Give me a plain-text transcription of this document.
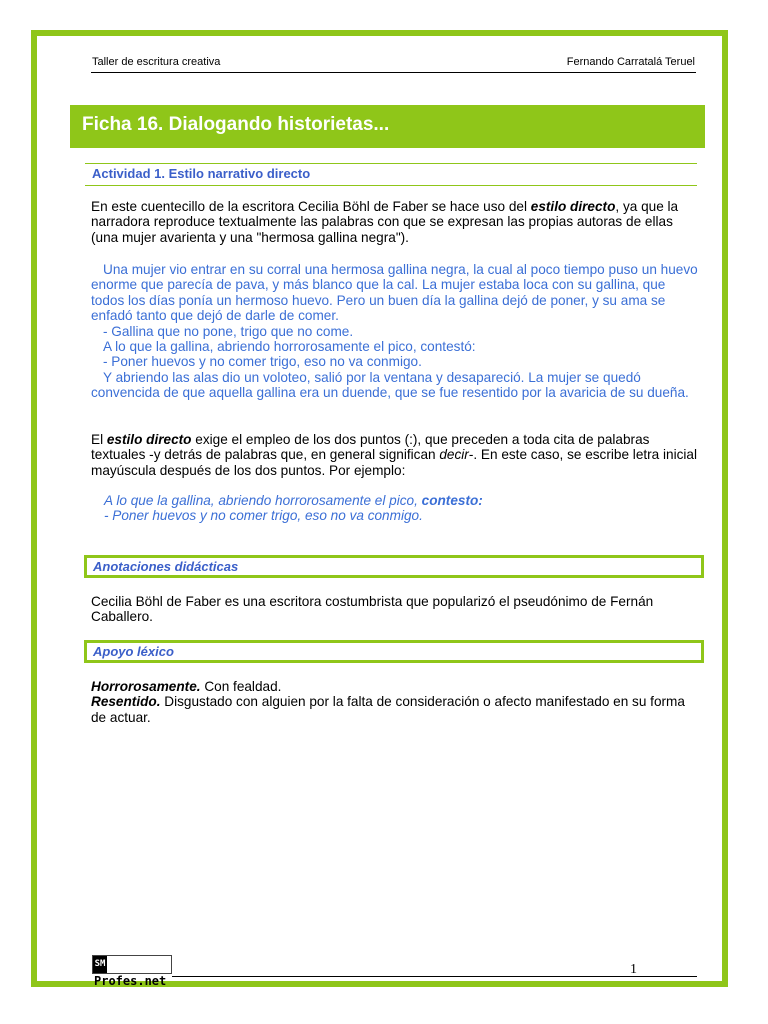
Taller de escritura creativa	Fernando Carratalá Teruel
Ficha 16. Dialogando historietas...
Actividad 1. Estilo narrativo directo

En este cuentecillo de la escritora Cecilia Böhl de Faber se hace uso del estilo directo, ya que la narradora reproduce textualmente las palabras con que se expresan las propias autoras de ellas (una mujer avarienta y una "hermosa gallina negra").

Una mujer vio entrar en su corral una hermosa gallina negra, la cual al poco tiempo puso un huevo enorme que parecía de pava, y más blanco que la cal. La mujer estaba loca con su gallina, que todos los días ponía un hermoso huevo. Pero un buen día la gallina dejó de poner, y su ama se enfadó tanto que dejó de darle de comer.
- Gallina que no pone, trigo que no come.
A lo que la gallina, abriendo horrorosamente el pico, contestó:
- Poner huevos y no comer trigo, eso no va conmigo.
Y abriendo las alas dio un voloteo, salió por la ventana y desapareció. La mujer se quedó convencida de que aquella gallina era un duende, que se fue resentido por la avaricia de su dueña.

El estilo directo exige el empleo de los dos puntos (:), que preceden a toda cita de palabras textuales -y detrás de palabras que, en general significan decir-. En este caso, se escribe letra inicial mayúscula después de los dos puntos. Por ejemplo:

A lo que la gallina, abriendo horrorosamente el pico, contesto:
- Poner huevos y no comer trigo, eso no va conmigo.
Anotaciones didácticas

Cecilia Böhl de Faber es una escritora costumbrista que popularizó el pseudónimo de Fernán Caballero.

Apoyo léxico
Horrorosamente. Con fealdad.
Resentido. Disgustado con alguien por la falta de consideración o afecto manifestado en su forma de actuar.
SMProfes.net
1
